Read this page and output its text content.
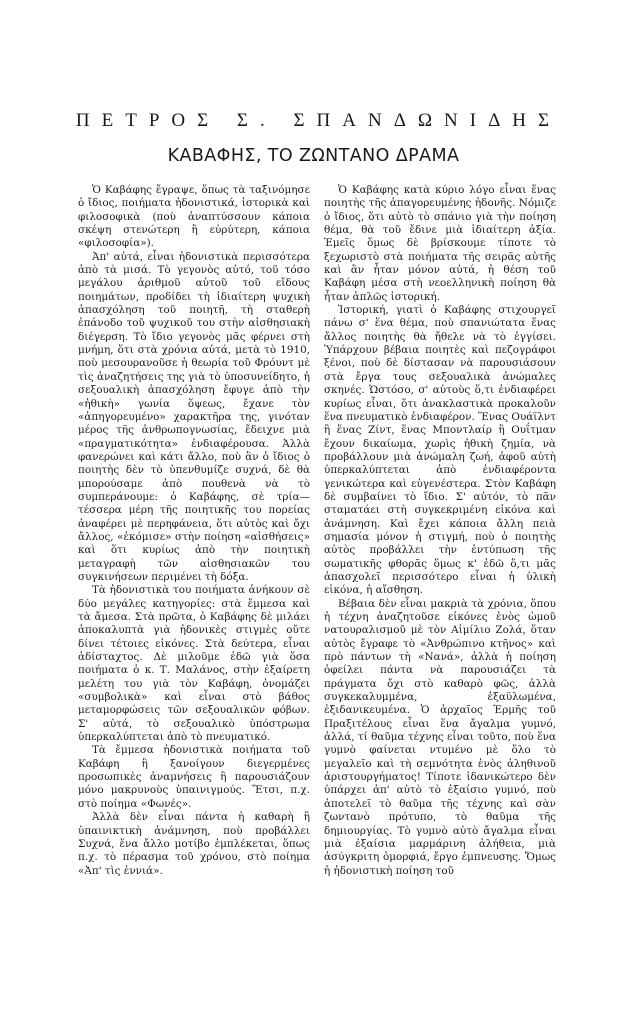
ΠΕΤΡΟΣ Σ. ΣΠΑΝΔΩΝΙΔΗΣ
ΚΑΒΑΦΗΣ, ΤΟ ΖΩΝΤΑΝΟ ΔΡΑΜΑ

Ὁ Καβάφης ἔγραψε, ὅπως τὰ ταξινόμησε ὁ ἴδιος, ποιήματα ἡδονιστικά, ἱστορικὰ καὶ φιλοσοφικὰ (ποὺ ἀναπτύσσουν κάποια σκέψη στενώτερη ἢ εὐρύτερη, κάποια «φιλοσοφία»).

Ἀπ' αὐτά, εἶναι ἡδονιστικὰ περισσότερα ἀπὸ τὰ μισά. Τὸ γεγονὸς αὐτό, τοῦ τόσο μεγάλου ἀριθμοῦ αὐτοῦ τοῦ εἴδους ποιημάτων, προδίδει τὴ ἰδιαίτερη ψυχικὴ ἀπασχόληση τοῦ ποιητῆ, τὴ σταθερὴ ἐπάνοδο τοῦ ψυχικοῦ του στὴν αἰσθησιακὴ διέγερση. Τὸ ἴδιο γεγονὸς μᾶς φέρνει στὴ μνήμη, ὅτι στὰ χρόνια αὐτά, μετὰ τὸ 1910, ποὺ μεσουρανοῦσε ἡ θεωρία τοῦ Φρόυντ μὲ τὶς ἀναζητήσεις της γιὰ τὸ ὑποσυνείδητο, ἡ σεξουαλικὴ ἀπασχόληση ἔφυγε ἀπὸ τὴν «ἠθικὴ» γωνία ὅψεως, ἔχανε τὸν «ἀπηγορευμένο» χαρακτῆρα της, γινόταν μέρος τῆς ἀνθρωπογνωσίας, ἔδειχνε μιὰ «πραγματικότητα» ἐνδιαφέρουσα. Ἀλλὰ φανερώνει καὶ κάτι ἄλλο, ποὺ ἂν ὁ ἴδιος ὁ ποιητὴς δὲν τὸ ὑπενθυμίζε συχνά, δὲ θὰ μπορούσαμε ἀπὸ πουθενὰ νὰ τὸ συμπεράνουμε: ὁ Καβάφης, σὲ τρία—τέσσερα μέρη τῆς ποιητικῆς του πορείας ἀναφέρει μὲ περηφάνεια, ὅτι αὐτὸς καὶ ὄχι ἄλλος, «ἐκόμισε» στὴν ποίηση «αἰσθήσεις» καὶ ὅτι κυρίως ἀπὸ τὴν ποιητικὴ μεταγραφὴ τῶν αἰσθησιακῶν του συγκινήσεων περιμένει τὴ δόξα.

Τὰ ἡδονιστικὰ του ποιήματα ἀνήκουν σὲ δύο μεγάλες κατηγορίες: στὰ ἔμμεσα καὶ τὰ ἄμεσα. Στὰ πρῶτα, ὁ Καβάφης δὲ μιλάει ἀποκαλυπτὰ γιὰ ἡδονικὲς στιγμὲς οὔτε δίνει τέτοιες εἰκόνες. Στὰ δεύτερα, εἶναι ἀδίσταχτος. Δὲ μιλοῦμε ἐδῶ γιὰ ὅσα ποιήματα ὁ κ. Τ. Μαλάνος, στὴν ἐξαίρετη μελέτη του γιὰ τὸν Καβάφη, ὀνομάζει «συμβολικὰ» καὶ εἶναι στὸ βάθος μεταμορφώσεις τῶν σεξουαλικῶν φόβων. Σ' αὐτά, τὸ σεξουαλικὸ ὑπόστρωμα ὑπερκαλύπτεται ἀπὸ τὸ πνευματικό.

Τὰ ἔμμεσα ἡδονιστικὰ ποιήματα τοῦ Καβάφη ἢ ξανοίγουν διεγερμένες προσωπικὲς ἀναμνήσεις ἢ παρουσιάζουν μόνο μακρυνοὺς ὑπαινιγμούς. Ἔτσι, π.χ. στὸ ποίημα «Φωνές».

Ἀλλὰ δὲν εἶναι πάντα ἡ καθαρὴ ἢ ὑπαινικτικὴ ἀνάμνηση, ποὺ προβάλλει Συχνά, ἕνα ἄλλο μοτίβο ἐμπλέκεται, ὅπως π.χ. τὸ πέρασμα τοῦ χρόνου, στὸ ποίημα «Ἀπ' τὶς ἐννιά».

Ὁ Καβάφης κατὰ κύριο λόγο εἶναι ἕνας ποιητὴς τῆς ἀπαγορευμένης ἡδονῆς. Νόμιζε ὁ ἴδιος, ὅτι αὐτὸ τὸ σπάνιο γιὰ τὴν ποίηση θέμα, θὰ τοῦ ἔδινε μιὰ ἰδιαίτερη ἀξία. Ἐμεῖς ὅμως δὲ βρίσκουμε τίποτε τὸ ξεχωριστὸ στὰ ποιήματα τῆς σειρᾶς αὐτῆς καὶ ἂν ἦταν μόνον αὐτά, ἡ θέση τοῦ Καβάφη μέσα στὴ νεοελληνικὴ ποίηση θὰ ἦταν ἁπλῶς ἱστορική.

Ἱστορική, γιατὶ ὁ Καβάφης στιχουργεῖ πάνω σ' ἕνα θέμα, ποὺ σπανιώτατα ἕνας ἄλλος ποιητὴς θὰ ἤθελε νὰ τὸ ἐγγίσει. Ὑπάρχουν βέβαια ποιητὲς καὶ πεζογράφοι ξένοι, ποὺ δὲ δίστασαν νὰ παρουσιάσουν στὰ ἔργα τους σεξουαλικὰ ἀνώμαλες σκηνές. Ὡστόσο, σ' αὐτοὺς ὅ,τι ἐνδιαφέρει κυρίως εἶναι, ὅτι ἀνακλαστικὰ προκαλοῦν ἕνα πνευματικὸ ἐνδιαφέρον. Ἕνας Ουάϊλντ ἢ ἕνας Ζίντ, ἕνας Μποντλαίρ ἢ Ουΐτμαν ἔχουν δικαίωμα, χωρὶς ἠθικὴ ζημία, νὰ προβάλλουν μιὰ ἀνώμαλη ζωή, ἀφοῦ αὐτὴ ὑπερκαλύπτεται ἀπὸ ἐνδιαφέροντα γενικώτερα καὶ εὐγενέστερα. Στὸν Καβάφη δὲ συμβαίνει τὸ ἴδιο. Σ' αὐτόν, τὸ πᾶν σταματάει στὴ συγκεκριμένη εἰκόνα καὶ ἀνάμνηση. Καὶ ἔχει κάποια ἄλλη πειὰ σημασία μόνον ἡ στιγμή, ποὺ ὁ ποιητὴς αὐτὸς προβάλλει τὴν ἐντύπωση τῆς σωματικῆς φθορᾶς ὅμως κ' ἐδῶ ὅ,τι μᾶς ἀπασχολεῖ περισσότερο εἶναι ἡ ὑλικὴ εἰκόνα, ἡ αἴσθηση.

Βέβαια δὲν εἶναι μακριὰ τὰ χρόνια, ὅπου ἡ τέχνη ἀναζητοῦσε εἰκόνες ἑνὸς ὠμοῦ νατουραλισμοῦ μὲ τὸν Αἰμίλιο Ζολά, ὅταν αὐτὸς ἔγραφε τὸ «Ἀνθρώπινο κτῆνος» καὶ πρὸ πάντων τὴ «Νανά», ἀλλὰ ἡ ποίηση ὀφείλει πάντα νὰ παρουσιάζει τὰ πράγματα ὄχι στὸ καθαρὸ φῶς, ἀλλὰ συγκεκαλυμμένα, ἐξαϋλωμένα, ἐξιδανικευμένα. Ὁ ἀρχαῖος Ἑρμῆς τοῦ Πραξιτέλους εἶναι ἕνα ἄγαλμα γυμνό, ἀλλά, τί θαῦμα τέχνης εἶναι τοῦτο, ποὺ ἕνα γυμνὸ φαίνεται ντυμένο μὲ ὅλο τὸ μεγαλεῖο καὶ τὴ σεμνότητα ἑνὸς ἀληθινοῦ ἀριστουργήματος! Τίποτε ἰδανικώτερο δὲν ὑπάρχει ἀπ' αὐτὸ τὸ ἐξαίσιο γυμνό, ποὺ ἀποτελεῖ τὸ θαῦμα τῆς τέχνης καὶ σὰν ζωντανὸ πρότυπο, τὸ θαῦμα τῆς δημιουργίας. Τὸ γυμνὸ αὐτὸ ἄγαλμα εἶναι μιὰ ἐξαίσια μαρμάρινη ἀλήθεια, μιὰ ἀσύγκριτη ὁμορφιά, ἔργο ἐμπνευσης. Ὅμως ἡ ἡδονιστικὴ ποίηση τοῦ
